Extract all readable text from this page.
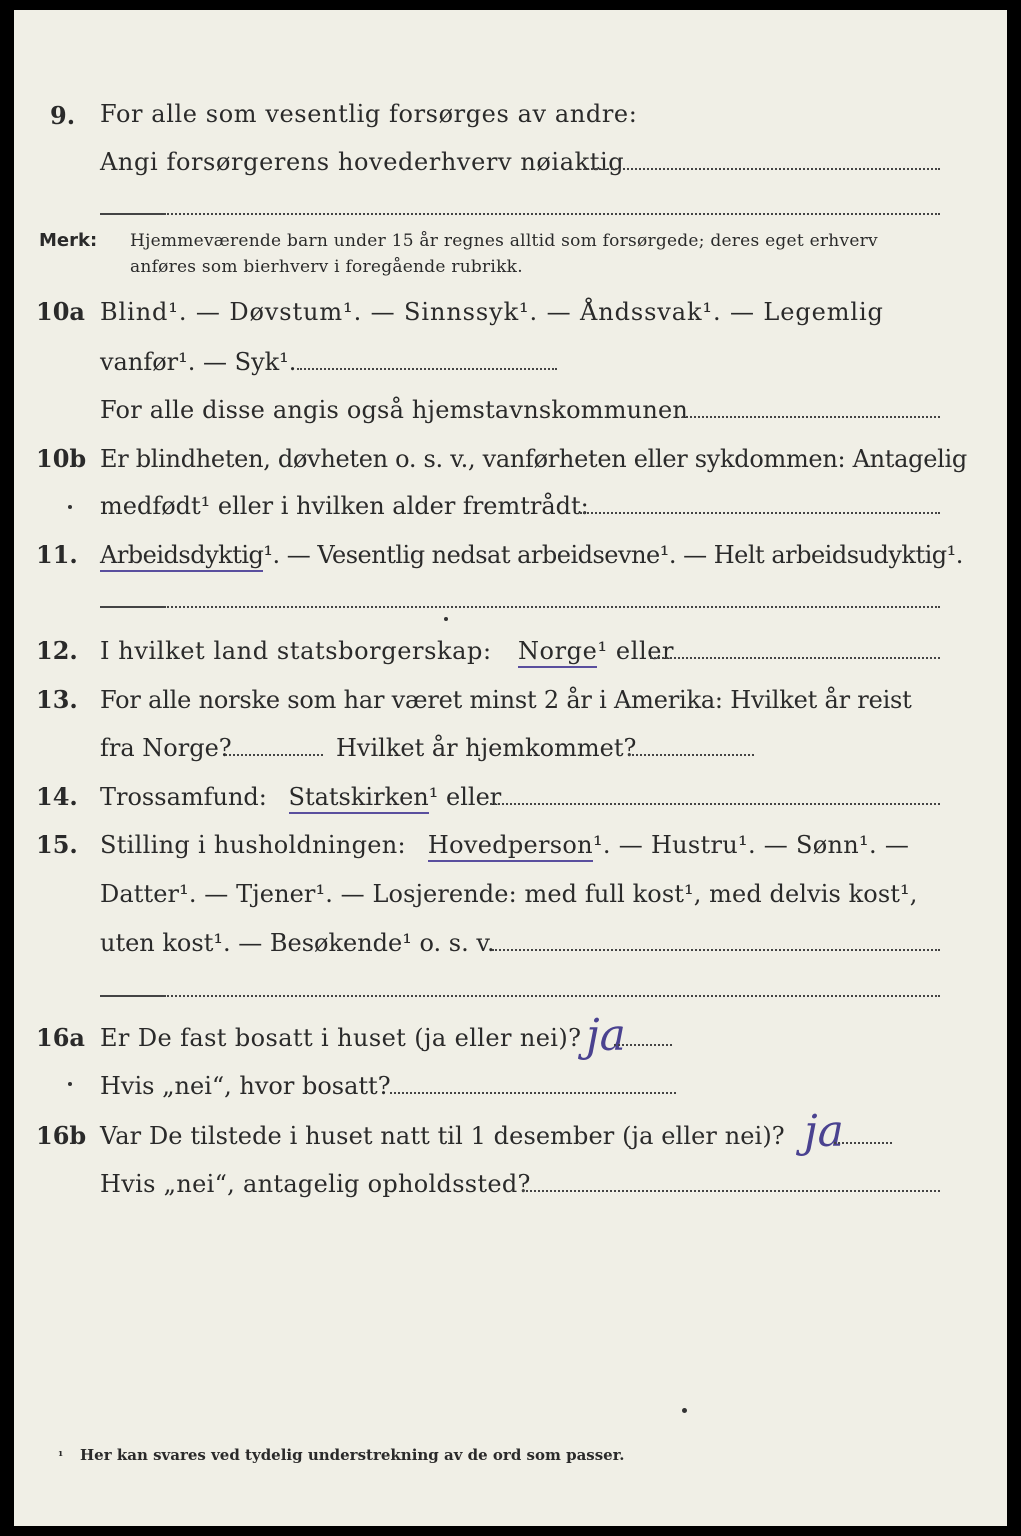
9. For alle som vesentlig forsørges av andre:
Angi forsørgerens hovederhverv nøiaktig
Merk: Hjemmeværende barn under 15 år regnes alltid som forsørgede; deres eget erhverv
anføres som bierhverv i foregående rubrikk.
10a Blind¹. — Døvstum¹. — Sinnssyk¹. — Åndssvak¹. — Legemlig
vanfør¹. — Syk¹.
For alle disse angis også hjemstavnskommunen
10b Er blindheten, døvheten o. s. v., vanførheten eller sykdommen: Antagelig
medfødt¹ eller i hvilken alder fremtrådt:
11. Arbeidsdyktig¹. — Vesentlig nedsat arbeidsevne¹. — Helt arbeidsudyktig¹.
12. I hvilket land statsborgerskap: Norge¹ eller
13. For alle norske som har været minst 2 år i Amerika: Hvilket år reist
fra Norge?	Hvilket år hjemkommet?
14. Trossamfund: Statskirken¹ eller
15. Stilling i husholdningen: Hovedperson¹. — Hustru¹. — Sønn¹. —
Datter¹. — Tjener¹. — Losjerende: med full kost¹, med delvis kost¹,
uten kost¹. — Besøkende¹ o. s. v.
16a Er De fast bosatt i huset (ja eller nei)? ja
Hvis „nei“, hvor bosatt?
16b Var De tilstede i huset natt til 1 desember (ja eller nei)? ja
Hvis „nei“, antagelig opholdssted?
¹ Her kan svares ved tydelig understrekning av de ord som passer.
